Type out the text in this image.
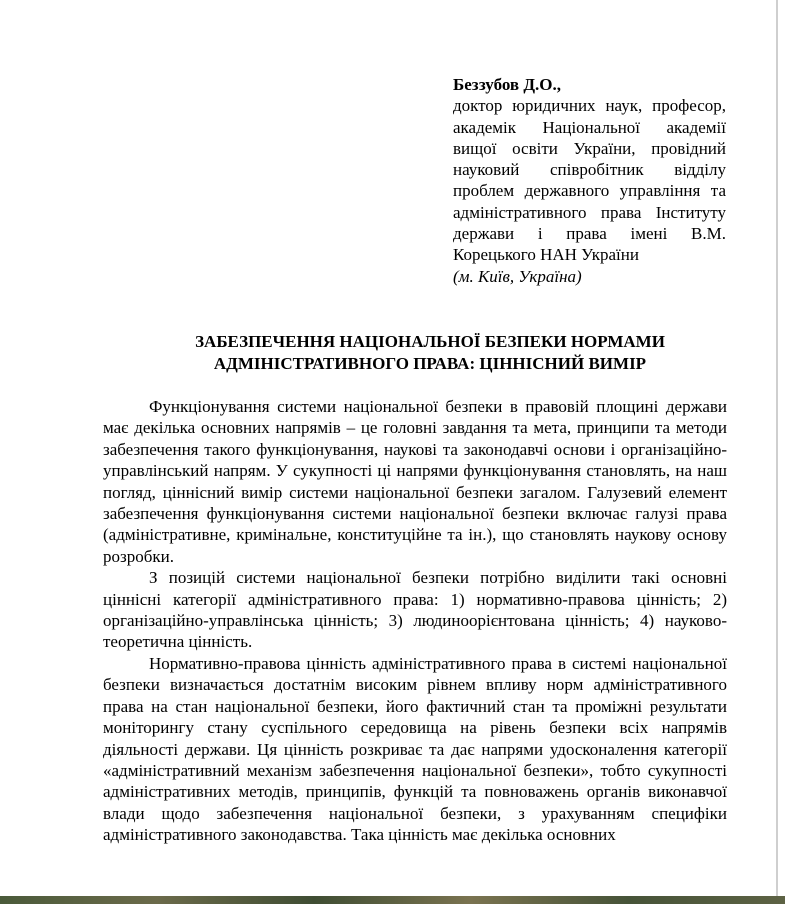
Беззубов Д.О.,

доктор юридичних наук, професор, академік Національної академії вищої освіти України, провідний науковий співробітник відділу проблем державного управління та адміністративного права Інституту держави і права імені В.М. Корецького НАН України

(м. Київ, Україна)

ЗАБЕЗПЕЧЕННЯ НАЦІОНАЛЬНОЇ БЕЗПЕКИ НОРМАМИ
АДМІНІСТРАТИВНОГО ПРАВА: ЦІННІСНИЙ ВИМІР

Функціонування системи національної безпеки в правовій площині держави має декілька основних напрямів – це головні завдання та мета, принципи та методи забезпечення такого функціонування, наукові та законодавчі основи і організаційно-управлінський напрям. У сукупності ці напрями функціонування становлять, на наш погляд, ціннісний вимір системи національної безпеки загалом. Галузевий елемент забезпечення функціонування системи національної безпеки включає галузі права (адміністративне, кримінальне, конституційне та ін.), що становлять наукову основу розробки.

З позицій системи національної безпеки потрібно виділити такі основні ціннісні категорії адміністративного права: 1) нормативно-правова цінність; 2) організаційно-управлінська цінність; 3) людиноорієнтована цінність; 4) науково-теоретична цінність.

Нормативно-правова цінність адміністративного права в системі національної безпеки визначається достатнім високим рівнем впливу норм адміністративного права на стан національної безпеки, його фактичний стан та проміжні результати моніторингу стану суспільного середовища на рівень безпеки всіх напрямів діяльності держави. Ця цінність розкриває та дає напрями удосконалення категорії «адміністративний механізм забезпечення національної безпеки», тобто сукупності адміністративних методів, принципів, функцій та повноважень органів виконавчої влади щодо забезпечення національної безпеки, з урахуванням специфіки адміністративного законодавства. Така цінність має декілька основних
